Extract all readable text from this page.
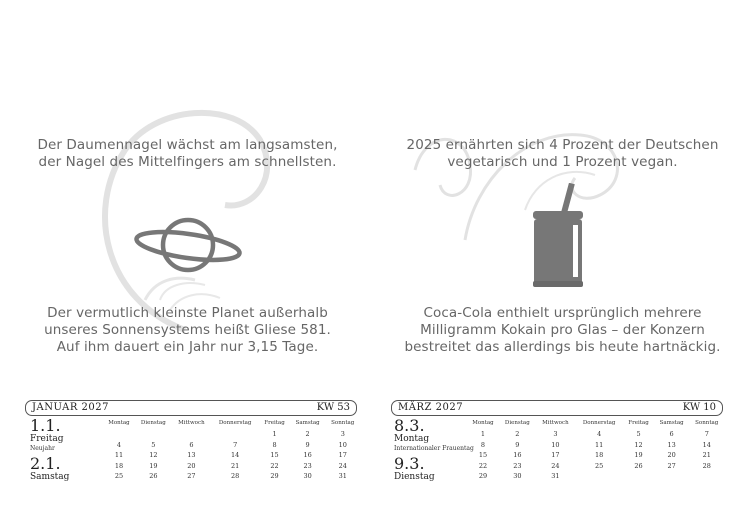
Der Daumennagel wächst am langsamsten,
der Nagel des Mittelfingers am schnellsten.
Der vermutlich kleinste Planet außerhalb
unseres Sonnensystems heißt Gliese 581.
Auf ihm dauert ein Jahr nur 3,15 Tage.
JANUAR 2027	KW 53
1.1.
Freitag
Neujahr
2.1.
Samstag
Montag	Dienstag	Mittwoch	Donnerstag	Freitag	Samstag	Sonntag
				1	2	3
4	5	6	7	8	9	10
11	12	13	14	15	16	17
18	19	20	21	22	23	24
25	26	27	28	29	30	31
2025 ernährten sich 4 Prozent der Deutschen
vegetarisch und 1 Prozent vegan.
Coca-Cola enthielt ursprünglich mehrere
Milligramm Kokain pro Glas – der Konzern
bestreitet das allerdings bis heute hartnäckig.
MÄRZ 2027	KW 10
8.3.
Montag
Internationaler Frauentag
9.3.
Dienstag
Montag	Dienstag	Mittwoch	Donnerstag	Freitag	Samstag	Sonntag
1	2	3	4	5	6	7
8	9	10	11	12	13	14
15	16	17	18	19	20	21
22	23	24	25	26	27	28
29	30	31				
